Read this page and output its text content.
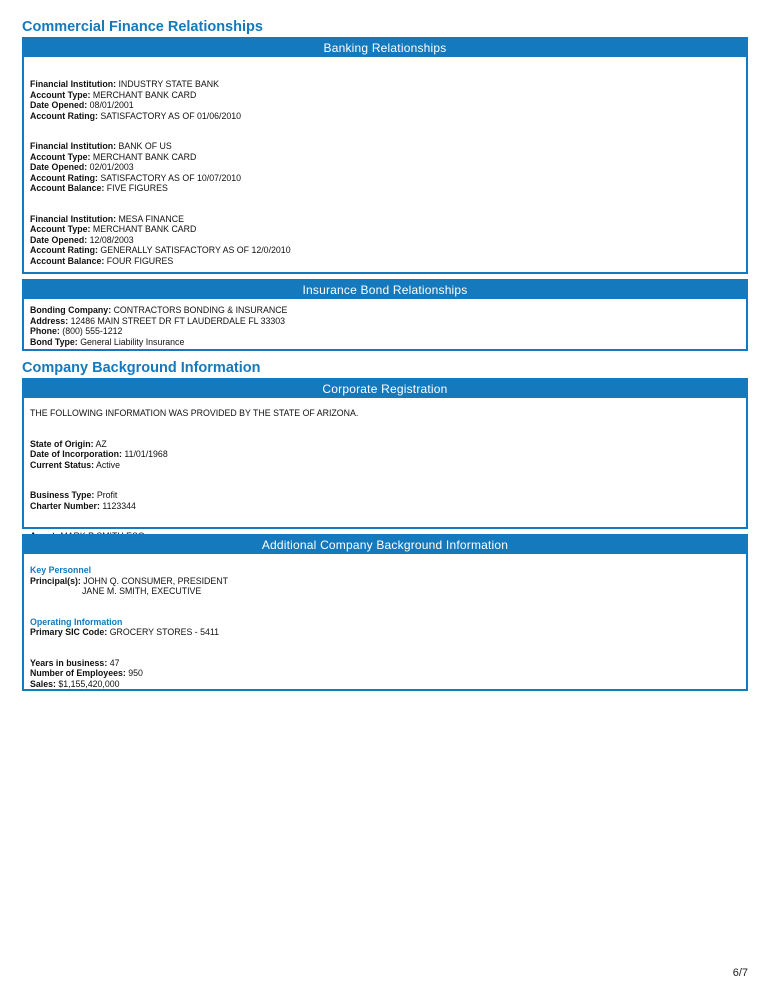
Commercial Finance Relationships
Banking Relationships
Financial Institution: INDUSTRY STATE BANK
Account Type: MERCHANT BANK CARD
Date Opened: 08/01/2001
Account Rating: SATISFACTORY AS OF 01/06/2010
Financial Institution: BANK OF US
Account Type: MERCHANT BANK CARD
Date Opened: 02/01/2003
Account Rating: SATISFACTORY AS OF 10/07/2010
Account Balance: FIVE FIGURES
Financial Institution: MESA FINANCE
Account Type: MERCHANT BANK CARD
Date Opened: 12/08/2003
Account Rating: GENERALLY SATISFACTORY AS OF 12/0/2010
Account Balance: FOUR FIGURES
Insurance Bond Relationships
Bonding Company: CONTRACTORS BONDING & INSURANCE
Address: 12486 MAIN STREET DR FT LAUDERDALE FL 33303
Phone: (800) 555-1212
Bond Type: General Liability Insurance
Company Background Information
Corporate Registration
THE FOLLOWING INFORMATION WAS PROVIDED BY THE STATE OF ARIZONA.
State of Origin: AZ
Date of Incorporation: 11/01/1968
Current Status: Active
Business Type: Profit
Charter Number: 1123344
Additional Company Background Information
Key Personnel
Principal(s): JOHN Q. CONSUMER, PRESIDENT
JANE M. SMITH, EXECUTIVE
Operating Information
Primary SIC Code: GROCERY STORES - 5411
Years in business: 47
Number of Employees: 950
Sales: $1,155,420,000
6/7
